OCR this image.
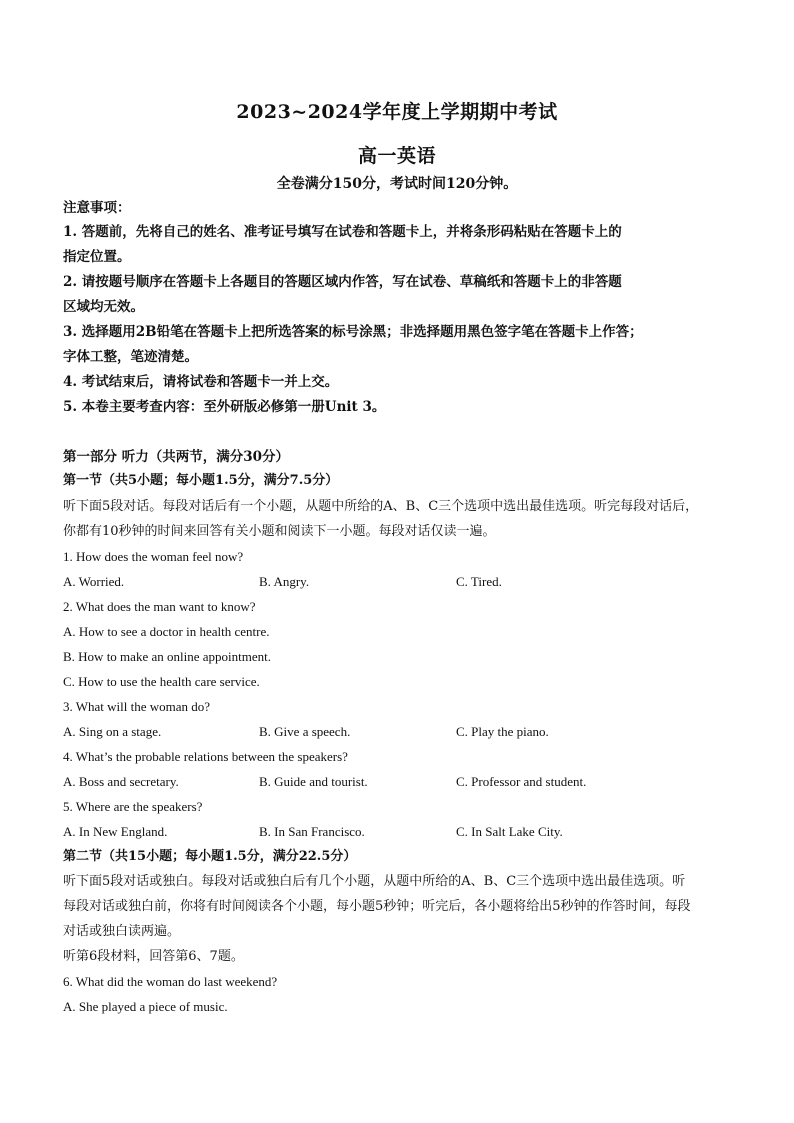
2023~2024学年度上学期期中考试
高一英语
全卷满分150分，考试时间120分钟。
注意事项：
1. 答题前，先将自己的姓名、准考证号填写在试卷和答题卡上，并将条形码粘贴在答题卡上的
指定位置。
2. 请按题号顺序在答题卡上各题目的答题区域内作答，写在试卷、草稿纸和答题卡上的非答题
区域均无效。
3. 选择题用2B铅笔在答题卡上把所选答案的标号涂黑；非选择题用黑色签字笔在答题卡上作答；
字体工整，笔迹清楚。
4. 考试结束后，请将试卷和答题卡一并上交。
5. 本卷主要考查内容：至外研版必修第一册Unit 3。
第一部分 听力（共两节，满分30分）
第一节（共5小题；每小题1.5分，满分7.5分）
听下面5段对话。每段对话后有一个小题，从题中所给的A、B、C三个选项中选出最佳选项。听完每段对话后，
你都有10秒钟的时间来回答有关小题和阅读下一小题。每段对话仅读一遍。
1. How does the woman feel now?
A. Worried.	B. Angry.	C. Tired.
2. What does the man want to know?
A. How to see a doctor in health centre.
B. How to make an online appointment.
C. How to use the health care service.
3. What will the woman do?
A. Sing on a stage.	B. Give a speech.	C. Play the piano.
4. What’s the probable relations between the speakers?
A. Boss and secretary.	B. Guide and tourist.	C. Professor and student.
5. Where are the speakers?
A. In New England.	B. In San Francisco.	C. In Salt Lake City.
第二节（共15小题；每小题1.5分，满分22.5分）
听下面5段对话或独白。每段对话或独白后有几个小题，从题中所给的A、B、C三个选项中选出最佳选项。听
每段对话或独白前，你将有时间阅读各个小题，每小题5秒钟；听完后，各小题将给出5秒钟的作答时间，每段
对话或独白读两遍。
听第6段材料，回答第6、7题。
6. What did the woman do last weekend?
A. She played a piece of music.
